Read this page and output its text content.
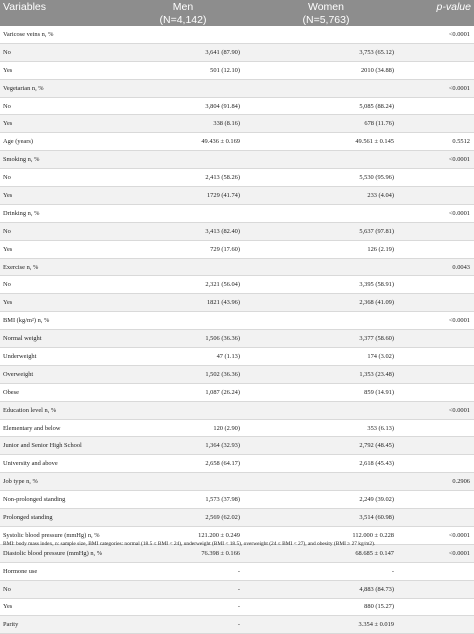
Variables	Men	Women	p-value
	(N=4,142)	(N=5,763)	
Varicose veins n, %			<0.0001
No	3,641 (87.90)	3,753 (65.12)	
Yes	501 (12.10)	2010 (34.88)	
Vegetarian n, %			<0.0001
No	3,804 (91.84)	5,085 (88.24)	
Yes	338 (8.16)	678 (11.76)	
Age (years)	49.436 ± 0.169	49.561 ± 0.145	0.5512
Smoking n, %			<0.0001
No	2,413 (58.26)	5,530 (95.96)	
Yes	1729 (41.74)	233 (4.04)	
Drinking n, %			<0.0001
No	3,413 (82.40)	5,637 (97.81)	
Yes	729 (17.60)	126 (2.19)	
Exercise n, %			0.0043
No	2,321 (56.04)	3,395 (58.91)	
Yes	1821 (43.96)	2,368 (41.09)	
BMI (kg/m²) n, %			<0.0001
Normal weight	1,506 (36.36)	3,377 (58.60)	
Underweight	47 (1.13)	174 (3.02)	
Overweight	1,502 (36.36)	1,353 (23.48)	
Obese	1,087 (26.24)	859 (14.91)	
Education level n, %			<0.0001
Elementary and below	120 (2.90)	353 (6.13)	
Junior and Senior High School	1,364 (32.93)	2,792 (48.45)	
University and above	2,658 (64.17)	2,618 (45.43)	
Job type n, %			0.2906
Non-prolonged standing	1,573 (37.98)	2,249 (39.02)	
Prolonged standing	2,569 (62.02)	3,514 (60.98)	
Systolic blood pressure (mmHg) n, %	121.200 ± 0.249	112.000 ± 0.228	<0.0001
Diastolic blood pressure (mmHg) n, %	76.398 ± 0.166	68.685 ± 0.147	<0.0001
Hormone use	-	-	
No	-	4,883 (84.73)	
Yes	-	880 (15.27)	
Parity	-	3.354 ± 0.019	
BMI: body mass index, n: sample size, BMI categories: normal (18.5 ≤ BMI < 24), underweight (BMI < 18.5), overweight (24 ≤ BMI < 27), and obesity (BMI ≥ 27 kg/m2).
